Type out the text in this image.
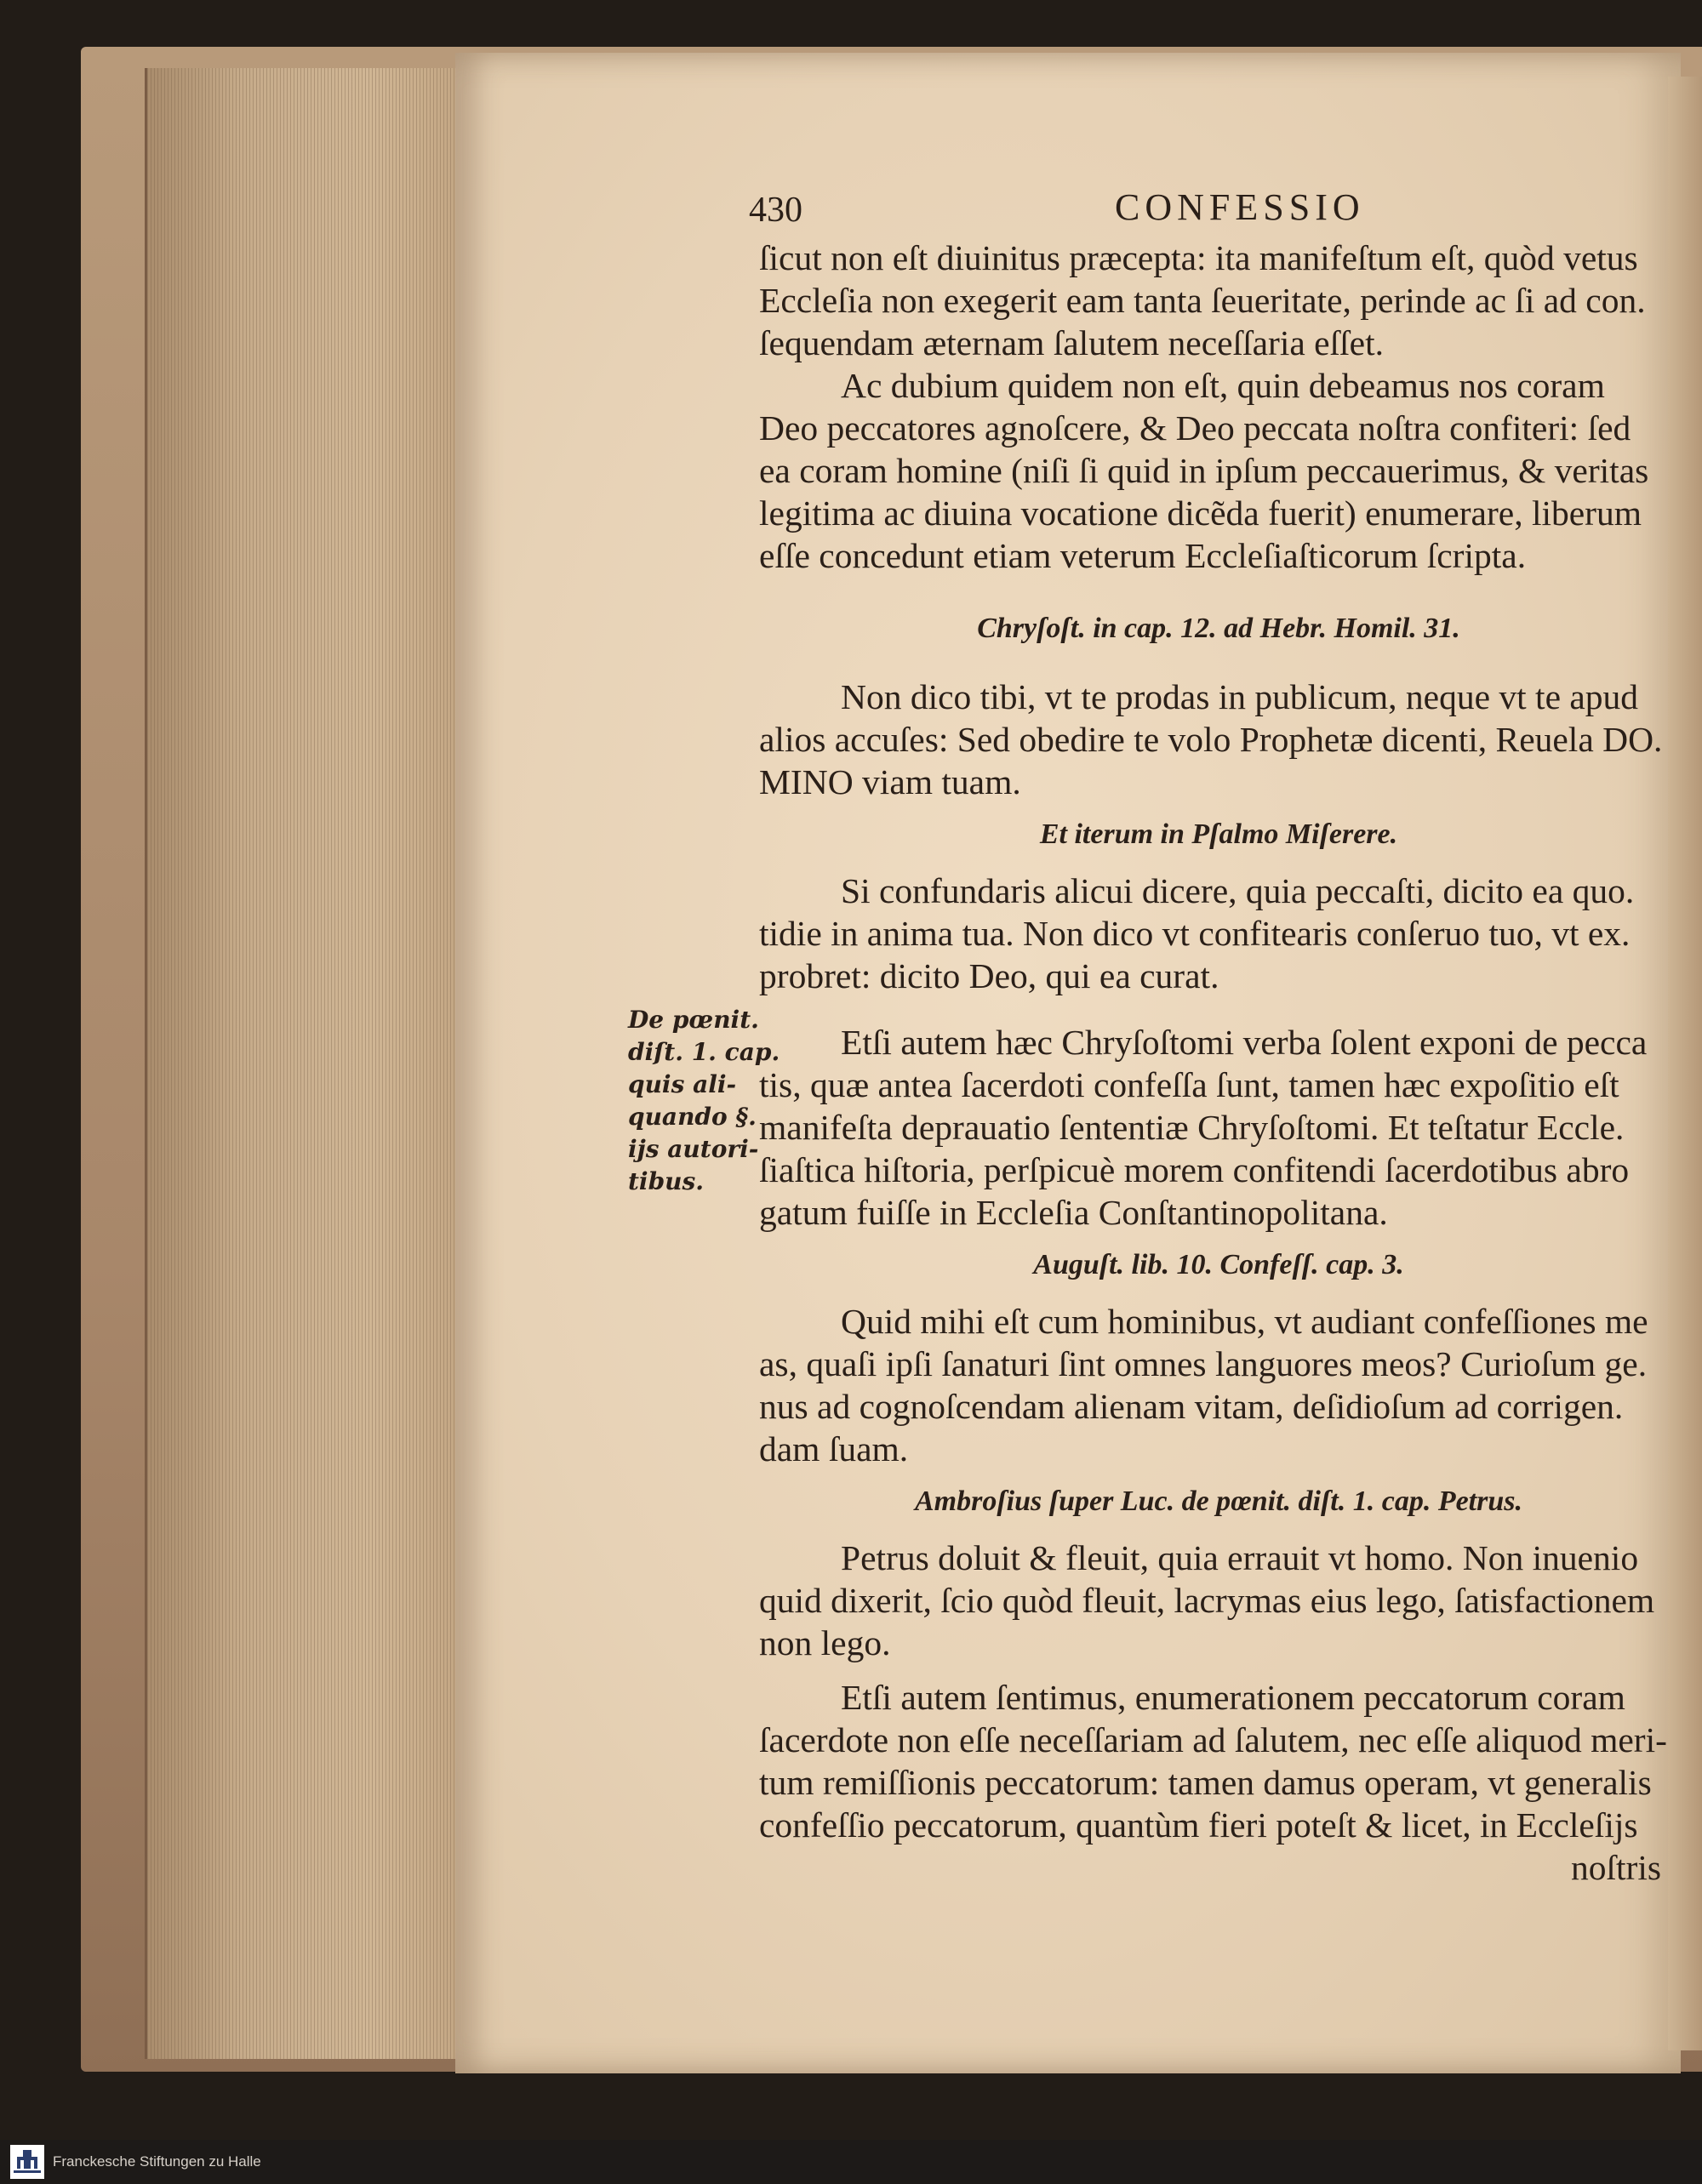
430	CONFESSIO
De pœnit.
diſt. 1. cap.
quis ali-
quando §.
ijs autori-
tibus.
ſicut non eſt diuinitus præcepta: ita manifeſtum eſt, quòd vetus
Eccleſia non exegerit eam tanta ſeueritate, perinde ac ſi ad con.
ſequendam æternam ſalutem neceſſaria eſſet.
Ac dubium quidem non eſt, quin debeamus nos coram
Deo peccatores agnoſcere, & Deo peccata noſtra confiteri: ſed
ea coram homine (niſi ſi quid in ipſum peccauerimus, & veritas
legitima ac diuina vocatione dicẽda fuerit) enumerare, liberum
eſſe concedunt etiam veterum Eccleſiaſticorum ſcripta.
Chryſoſt. in cap. 12. ad Hebr. Homil. 31.
Non dico tibi, vt te prodas in publicum, neque vt te apud
alios accuſes: Sed obedire te volo Prophetæ dicenti, Reuela DO.
MINO viam tuam.
Et iterum in Pſalmo Miſerere.
Si confundaris alicui dicere, quia peccaſti, dicito ea quo.
tidie in anima tua. Non dico vt confitearis conſeruo tuo, vt ex.
probret: dicito Deo, qui ea curat.
Etſi autem hæc Chryſoſtomi verba ſolent exponi de pecca
tis, quæ antea ſacerdoti confeſſa ſunt, tamen hæc expoſitio eſt
manifeſta deprauatio ſententiæ Chryſoſtomi. Et teſtatur Eccle.
ſiaſtica hiſtoria, perſpicuè morem confitendi ſacerdotibus abro
gatum fuiſſe in Eccleſia Conſtantinopolitana.
Auguſt. lib. 10. Confeſſ. cap. 3.
Quid mihi eſt cum hominibus, vt audiant confeſſiones me
as, quaſi ipſi ſanaturi ſint omnes languores meos? Curioſum ge.
nus ad cognoſcendam alienam vitam, deſidioſum ad corrigen.
dam ſuam.
Ambroſius ſuper Luc. de pœnit. diſt. 1. cap. Petrus.
Petrus doluit & fleuit, quia errauit vt homo. Non inuenio
quid dixerit, ſcio quòd fleuit, lacrymas eius lego, ſatisfactionem
non lego.
Etſi autem ſentimus, enumerationem peccatorum coram
ſacerdote non eſſe neceſſariam ad ſalutem, nec eſſe aliquod meri-
tum remiſſionis peccatorum: tamen damus operam, vt generalis
confeſſio peccatorum, quantùm fieri poteſt & licet, in Eccleſijs
noſtris
Franckesche Stiftungen zu Halle
